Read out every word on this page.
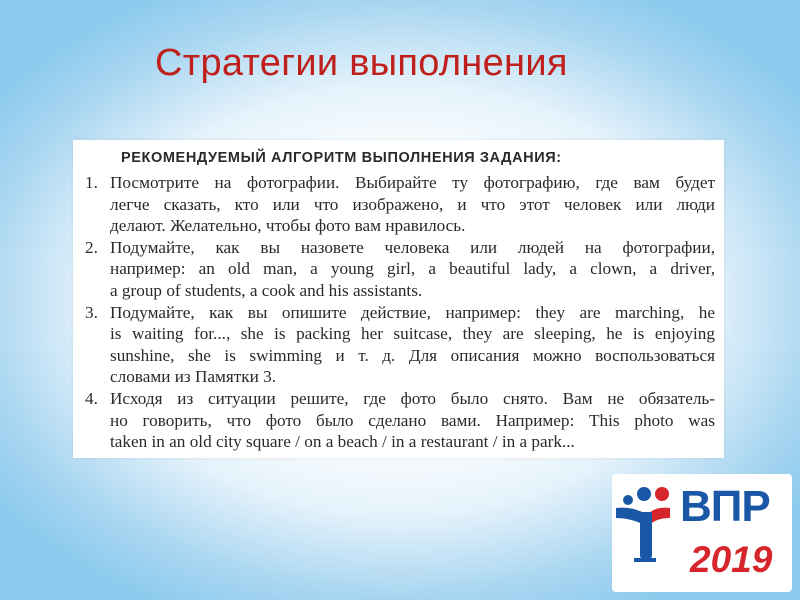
Стратегии выполнения
РЕКОМЕНДУЕМЫЙ АЛГОРИТМ ВЫПОЛНЕНИЯ ЗАДАНИЯ:
1. Посмотрите на фотографии. Выбирайте ту фотографию, где вам будет
легче сказать, кто или что изображено, и что этот человек или люди
делают. Желательно, чтобы фото вам нравилось.
2. Подумайте, как вы назовете человека или людей на фотографии,
например: an old man, a young girl, a beautiful lady, a clown, a driver,
a group of students, a cook and his assistants.
3. Подумайте, как вы опишите действие, например: they are marching, he
is waiting for..., she is packing her suitcase, they are sleeping, he is enjoying
sunshine, she is swimming и т. д. Для описания можно воспользоваться
словами из Памятки 3.
4. Исходя из ситуации решите, где фото было снято. Вам не обязатель-
но говорить, что фото было сделано вами. Например: This photo was
taken in an old city square / on a beach / in a restaurant / in a park...
ВПР
2019
